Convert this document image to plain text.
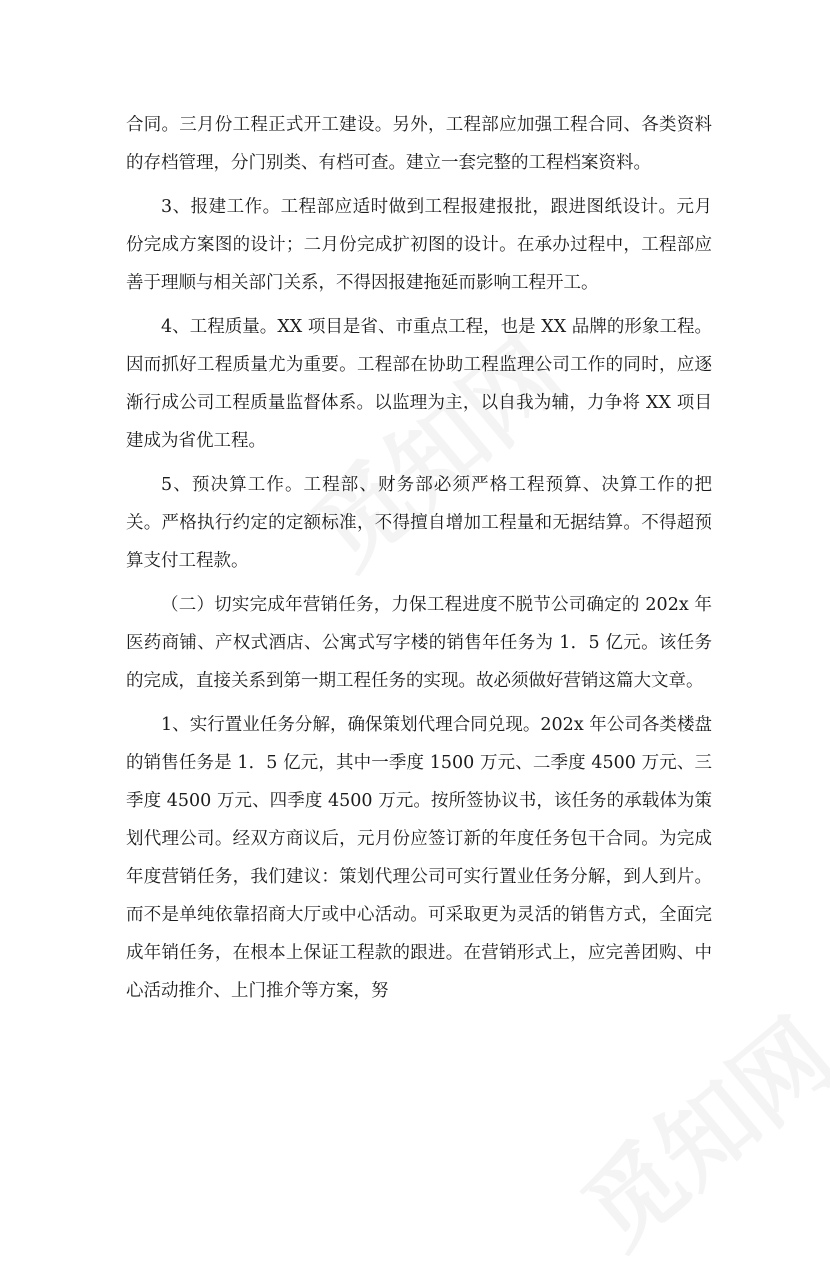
合同。三月份工程正式开工建设。另外，工程部应加强工程合同、各类资料的存档管理，分门别类、有档可查。建立一套完整的工程档案资料。

3、报建工作。工程部应适时做到工程报建报批，跟进图纸设计。元月份完成方案图的设计；二月份完成扩初图的设计。在承办过程中，工程部应善于理顺与相关部门关系，不得因报建拖延而影响工程开工。

4、工程质量。XX 项目是省、市重点工程，也是 XX 品牌的形象工程。因而抓好工程质量尤为重要。工程部在协助工程监理公司工作的同时，应逐渐行成公司工程质量监督体系。以监理为主，以自我为辅，力争将 XX 项目建成为省优工程。

5、预决算工作。工程部、财务部必须严格工程预算、决算工作的把关。严格执行约定的定额标准，不得擅自增加工程量和无据结算。不得超预算支付工程款。

（二）切实完成年营销任务，力保工程进度不脱节公司确定的 202x 年医药商铺、产权式酒店、公寓式写字楼的销售年任务为 1．5 亿元。该任务的完成，直接关系到第一期工程任务的实现。故必须做好营销这篇大文章。

1、实行置业任务分解，确保策划代理合同兑现。202x 年公司各类楼盘的销售任务是 1．5 亿元，其中一季度 1500 万元、二季度 4500 万元、三季度 4500 万元、四季度 4500 万元。按所签协议书，该任务的承载体为策划代理公司。经双方商议后，元月份应签订新的年度任务包干合同。为完成年度营销任务，我们建议：策划代理公司可实行置业任务分解，到人到片。而不是单纯依靠招商大厅或中心活动。可采取更为灵活的销售方式，全面完成年销任务，在根本上保证工程款的跟进。在营销形式上，应完善团购、中心活动推介、上门推介等方案，努
